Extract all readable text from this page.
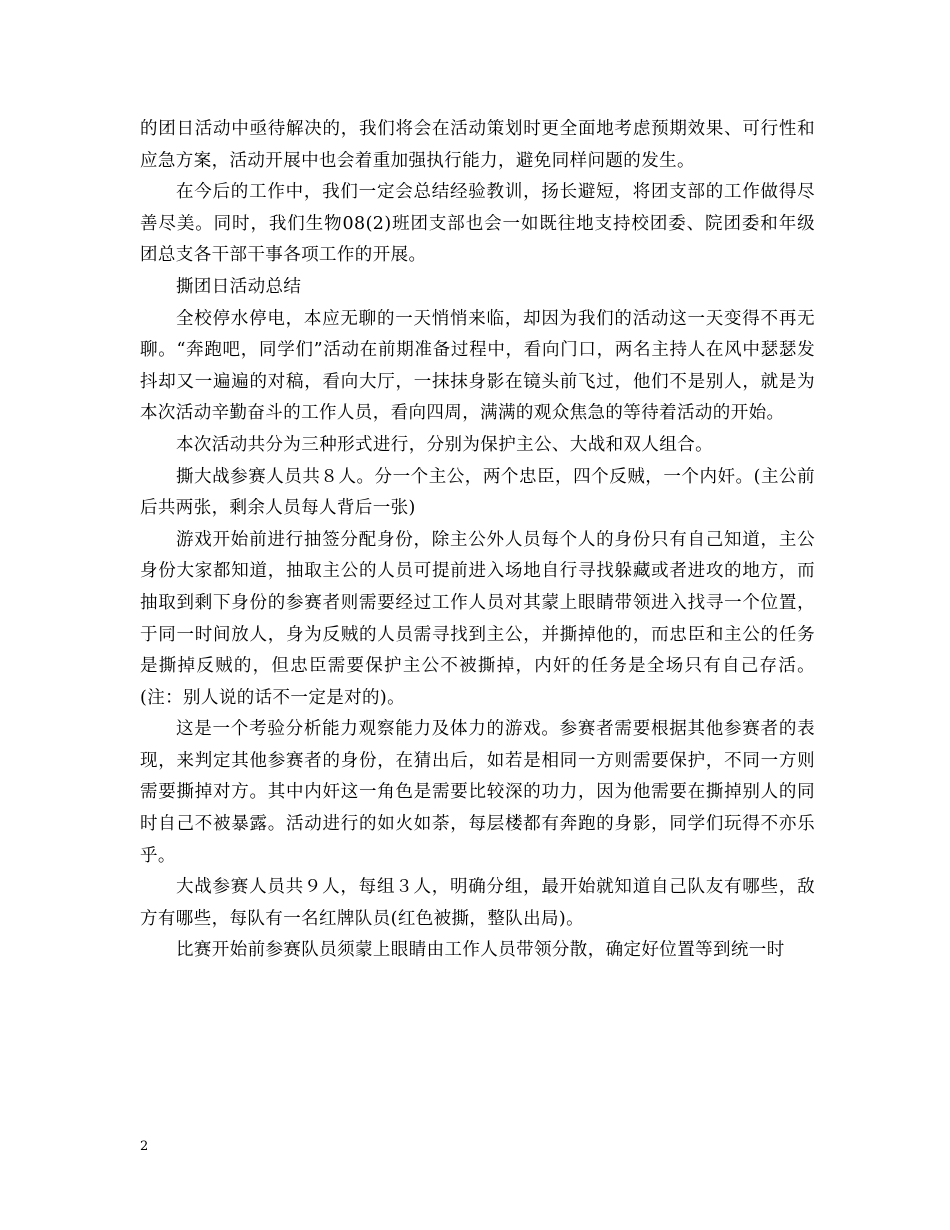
的团日活动中亟待解决的，我们将会在活动策划时更全面地考虑预期效果、可行性和应急方案，活动开展中也会着重加强执行能力，避免同样问题的发生。

在今后的工作中，我们一定会总结经验教训，扬长避短，将团支部的工作做得尽善尽美。同时，我们生物08(2)班团支部也会一如既往地支持校团委、院团委和年级团总支各干部干事各项工作的开展。

撕团日活动总结

全校停水停电，本应无聊的一天悄悄来临，却因为我们的活动这一天变得不再无聊。“奔跑吧，同学们”活动在前期准备过程中，看向门口，两名主持人在风中瑟瑟发抖却又一遍遍的对稿，看向大厅，一抹抹身影在镜头前飞过，他们不是别人，就是为本次活动辛勤奋斗的工作人员，看向四周，满满的观众焦急的等待着活动的开始。

本次活动共分为三种形式进行，分别为保护主公、大战和双人组合。

撕大战参赛人员共８人。分一个主公，两个忠臣，四个反贼，一个内奸。(主公前后共两张，剩余人员每人背后一张)

游戏开始前进行抽签分配身份，除主公外人员每个人的身份只有自己知道，主公身份大家都知道，抽取主公的人员可提前进入场地自行寻找躲藏或者进攻的地方，而抽取到剩下身份的参赛者则需要经过工作人员对其蒙上眼睛带领进入找寻一个位置，于同一时间放人，身为反贼的人员需寻找到主公，并撕掉他的，而忠臣和主公的任务是撕掉反贼的，但忠臣需要保护主公不被撕掉，内奸的任务是全场只有自己存活。(注：别人说的话不一定是对的)。

这是一个考验分析能力观察能力及体力的游戏。参赛者需要根据其他参赛者的表现，来判定其他参赛者的身份，在猜出后，如若是相同一方则需要保护，不同一方则需要撕掉对方。其中内奸这一角色是需要比较深的功力，因为他需要在撕掉别人的同时自己不被暴露。活动进行的如火如荼，每层楼都有奔跑的身影，同学们玩得不亦乐乎。

大战参赛人员共９人，每组３人，明确分组，最开始就知道自己队友有哪些，敌方有哪些，每队有一名红牌队员(红色被撕，整队出局)。

比赛开始前参赛队员须蒙上眼睛由工作人员带领分散，确定好位置等到统一时

2
